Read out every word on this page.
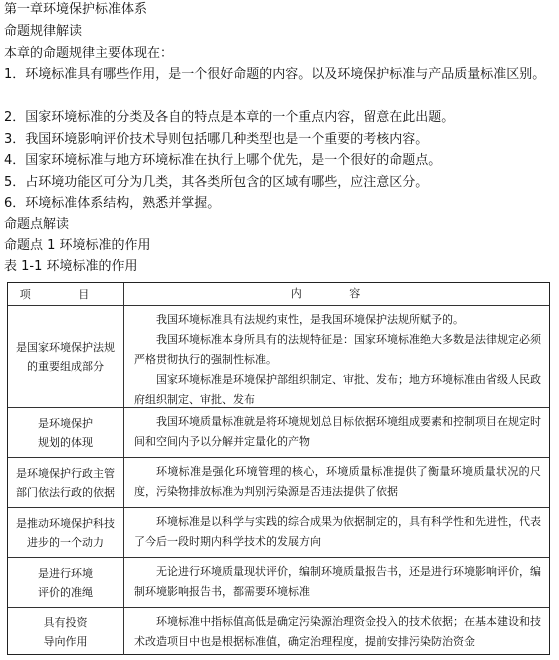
第一章环境保护标准体系
命题规律解读
本章的命题规律主要体现在：
1．环境标准具有哪些作用，是一个很好命题的内容。以及环境保护标准与产品质量标准区别。
2．国家环境标准的分类及各自的特点是本章的一个重点内容，留意在此出题。
3．我国环境影响评价技术导则包括哪几种类型也是一个重要的考核内容。
4．国家环境标准与地方环境标准在执行上哪个优先，是一个很好的命题点。
5．占环境功能区可分为几类，其各类所包含的区域有哪些，应注意区分。
6．环境标准体系结构，熟悉并掌握。
命题点解读
命题点 1 环境标准的作用
表 1-1 环境标准的作用
项 目	内 容
是国家环境保护法规
的重要组成部分

我国环境标准具有法规约束性，是我国环境保护法规所赋予的。

我国环境标准本身所具有的法规特征是：国家环境标准绝大多数是法律规定必须严格贯彻执行的强制性标准。

国家环境标准是环境保护部组织制定、审批、发布；地方环境标准由省级人民政府组织制定、审批、发布

是环境保护
规划的体现

我国环境质量标准就是将环境规划总目标依据环境组成要素和控制项目在规定时间和空间内予以分解并定量化的产物

是环境保护行政主管
部门依法行政的依据

环境标准是强化环境管理的核心，环境质量标准提供了衡量环境质量状况的尺度，污染物排放标准为判别污染源是否违法提供了依据

是推动环境保护科技
进步的一个动力

环境标准是以科学与实践的综合成果为依据制定的，具有科学性和先进性，代表了今后一段时期内科学技术的发展方向

是进行环境
评价的准绳

无论进行环境质量现状评价，编制环境质量报告书，还是进行环境影响评价，编制环境影响报告书，都需要环境标准

具有投资
导向作用

环境标准中指标值高低是确定污染源治理资金投入的技术依据；在基本建设和技术改造项目中也是根据标准值，确定治理程度，提前安排污染防治资金
